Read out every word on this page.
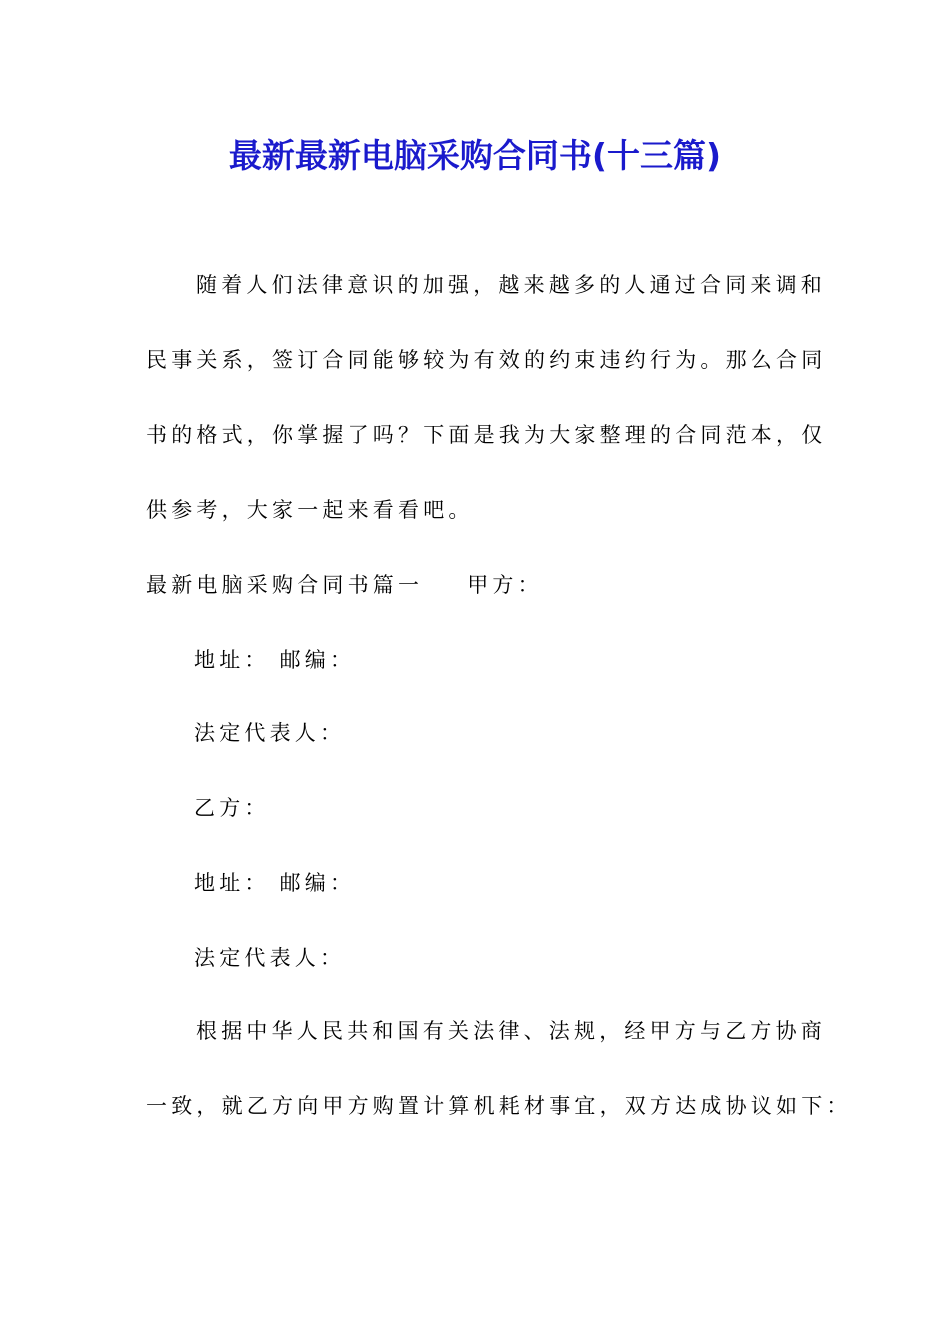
最新最新电脑采购合同书(十三篇)
随着人们法律意识的加强，越来越多的人通过合同来调和
民事关系，签订合同能够较为有效的约束违约行为。那么合同
书的格式，你掌握了吗？下面是我为大家整理的合同范本，仅
供参考，大家一起来看看吧。
最新电脑采购合同书篇一 甲方：
地址： 邮编：
法定代表人：
乙方：
地址： 邮编：
法定代表人：
根据中华人民共和国有关法律、法规，经甲方与乙方协商
一致，就乙方向甲方购置计算机耗材事宜，双方达成协议如下：
